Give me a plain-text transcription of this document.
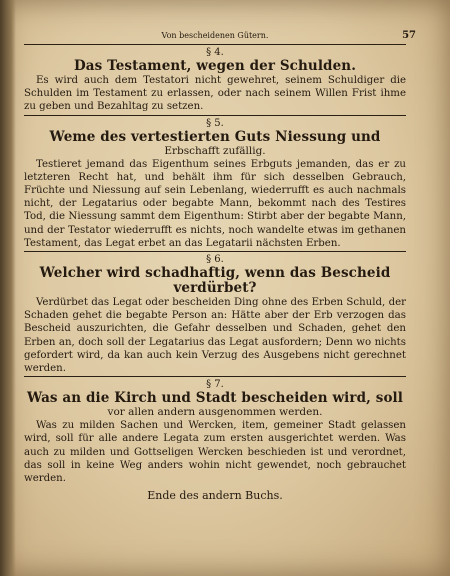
Von bescheidenen Gütern.	57
§ 4.
Das Testament, wegen der Schulden.

Es wird auch dem Testatori nicht gewehret, seinem Schuldiger die Schulden im Testament zu erlassen, oder nach seinem Willen Frist ihme zu geben und Bezahltag zu setzen.

§ 5.
Weme des vertestierten Guts Niessung und
Erbschafft zufällig.

Testieret jemand das Eigenthum seines Erbguts jemanden, das er zu letzteren Recht hat, und behält ihm für sich desselben Gebrauch, Früchte und Niessung auf sein Lebenlang, wiederrufft es auch nachmals nicht, der Legatarius oder begabte Mann, bekommt nach des Testires Tod, die Niessung sammt dem Eigenthum: Stirbt aber der begabte Mann, und der Testator wiederrufft es nichts, noch wandelte etwas im gethanen Testament, das Legat erbet an das Legatarii nächsten Erben.

§ 6.
Welcher wird schadhaftig, wenn das Bescheid verdürbet?

Verdürbet das Legat oder bescheiden Ding ohne des Erben Schuld, der Schaden gehet die begabte Person an: Hätte aber der Erb verzogen das Bescheid auszurichten, die Gefahr desselben und Schaden, gehet den Erben an, doch soll der Legatarius das Legat ausfordern; Denn wo nichts gefordert wird, da kan auch kein Verzug des Ausgebens nicht gerechnet werden.

§ 7.
Was an die Kirch und Stadt bescheiden wird, soll
vor allen andern ausgenommen werden.

Was zu milden Sachen und Wercken, item, gemeiner Stadt gelassen wird, soll für alle andere Legata zum ersten ausgerichtet werden. Was auch zu milden und Gottseligen Wercken beschieden ist und verordnet, das soll in keine Weg anders wohin nicht gewendet, noch gebrauchet werden.

Ende des andern Buchs.
